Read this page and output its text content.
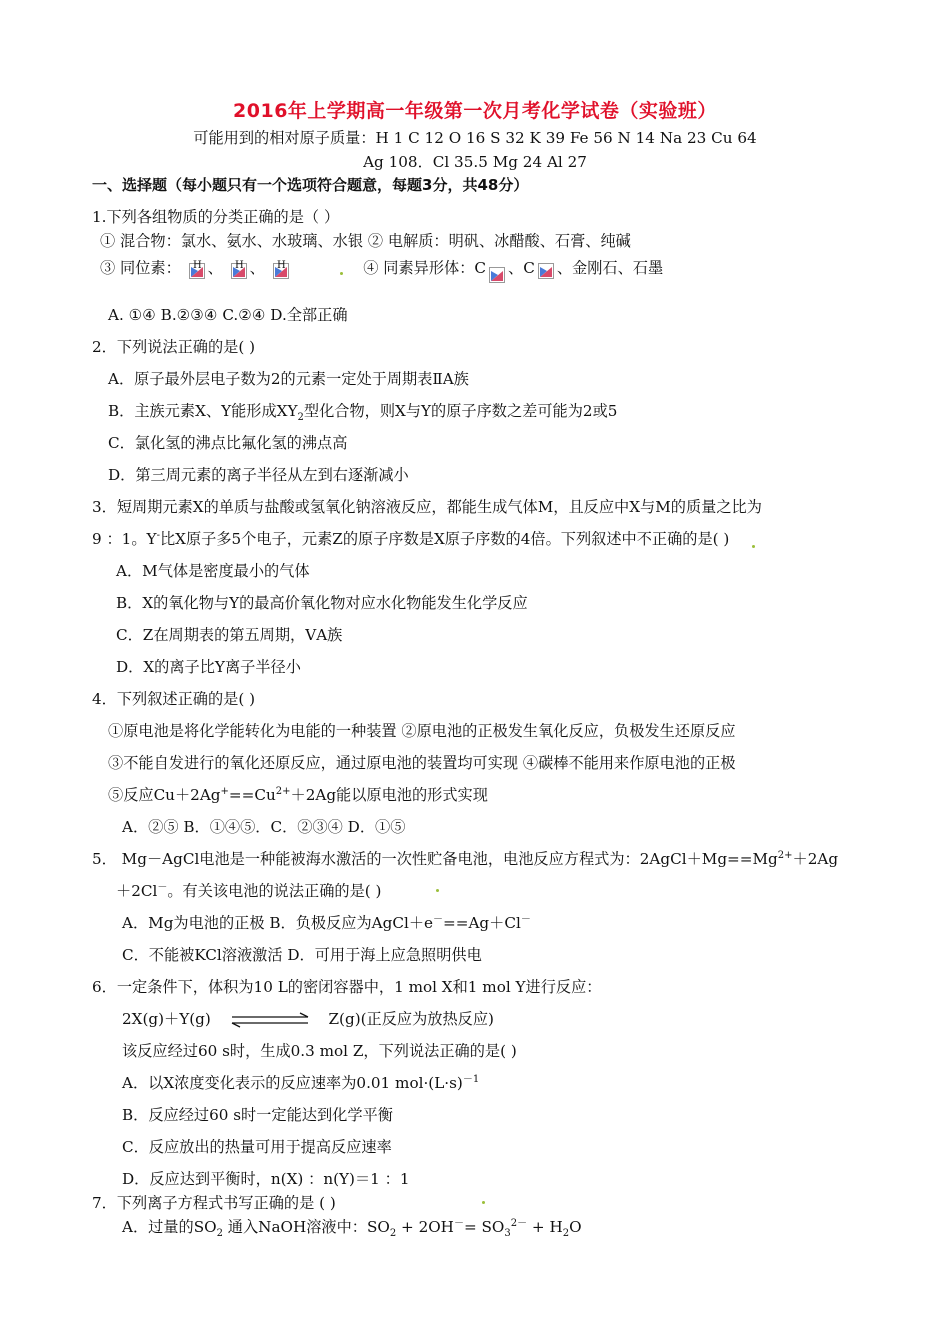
2016年上学期高一年级第一次月考化学试卷（实验班）
可能用到的相对原子质量：H 1 C 12 O 16 S 32 K 39 Fe 56 N 14 Na 23 Cu 64
Ag 108．Cl 35.5 Mg 24 Al 27
一、选择题（每小题只有一个选项符合题意，每题3分，共48分）
1.下列各组物质的分类正确的是（ ）
① 混合物：氯水、氨水、水玻璃、水银 ② 电解质：明矾、冰醋酸、石膏、纯碱
③ 同位素： H 、 H 、 H	④ 同素异形体：C 、C 、金刚石、石墨
A. ①④ B.②③④ C.②④ D.全部正确
2．下列说法正确的是( )
A．原子最外层电子数为2的元素一定处于周期表ⅡA族
B．主族元素X、Y能形成$XY_2$型化合物，则X与Y的原子序数之差可能为2或5
C．氯化氢的沸点比氟化氢的沸点高
D．第三周元素的离子半径从左到右逐渐减小
3．短周期元素X的单质与盐酸或氢氧化钠溶液反应，都能生成气体M，且反应中X与M的质量之比为
9 ：1。Y-比X原子多5个电子，元素Z的原子序数是X原子序数的4倍。下列叙述中不正确的是( )
A．M气体是密度最小的气体
B．X的氧化物与Y的最高价氧化物对应水化物能发生化学反应
C．Z在周期表的第五周期，ⅤA族
D．X的离子比Y离子半径小
4．下列叙述正确的是( )
①原电池是将化学能转化为电能的一种装置 ②原电池的正极发生氧化反应，负极发生还原反应
③不能自发进行的氧化还原反应，通过原电池的装置均可实现 ④碳棒不能用来作原电池的正极
⑤反应$Cu+2Ag^+==Cu^{2+}+2Ag$能以原电池的形式实现
A．②⑤ B．①④⑤．C．②③④ D．①⑤
5． Mg－AgCl电池是一种能被海水激活的一次性贮备电池，电池反应方程式为：$2AgCl+Mg==Mg^{2+}+2Ag$
＋2Cl－。有关该电池的说法正确的是( )
A．Mg为电池的正极 B．负极反应为AgCl＋e－==Ag＋Cl－
C．不能被KCl溶液激活 D．可用于海上应急照明供电
6．一定条件下，体积为10 L的密闭容器中，1 mol X和1 mol Y进行反应：
2X(g)＋Y(g)	Z(g)(正反应为放热反应)
该反应经过60 s时，生成0.3 mol Z，下列说法正确的是( )
A．以X浓度变化表示的反应速率为0.01 $mol\cdot(L\cdot s)^{-1}$
B．反应经过60 s时一定能达到化学平衡
C．反应放出的热量可用于提高反应速率
D．反应达到平衡时，n(X) ：n(Y)＝1 ：1
7．下列离子方程式书写正确的是 ( )
A．过量的$SO_2$ 通入NaOH溶液中：$SO_2 + 2OH^-= SO_3^{2-} + H_2O$
